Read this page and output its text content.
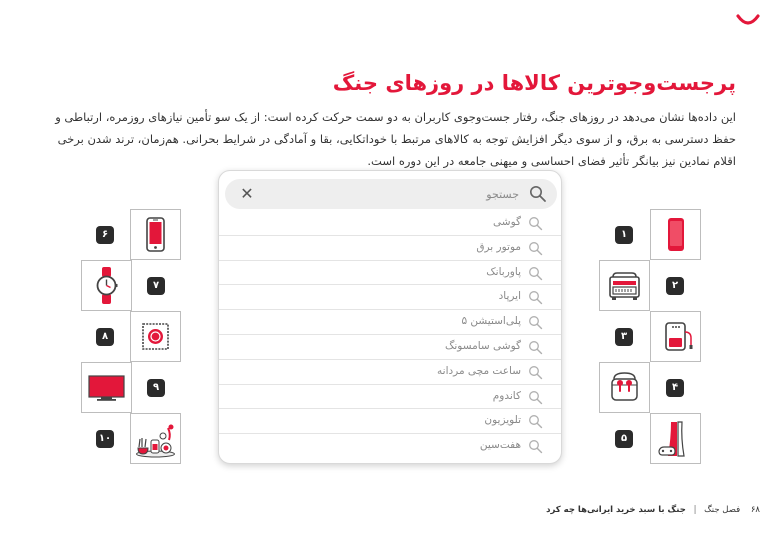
پرجست‌وجوترین کالاها در روزهای جنگ

این داده‌ها نشان می‌دهد در روزهای جنگ، رفتار جست‌وجوی کاربران به دو سمت حرکت کرده است: از یک سو تأمین نیازهای روزمره، ارتباطی و حفظ دسترسی به برق، و از سوی دیگر افزایش توجه به کالاهای مرتبط با خوداتکایی، بقا و آمادگی در شرایط بحرانی. هم‌زمان، ترند شدن برخی اقلام نمادین نیز بیانگر تأثیر فضای احساسی و میهنی جامعه در این دوره است.

جستجو
✕
گوشی
موتور برق
پاوربانک
ایرپاد
پلی‌استیشن ۵
گوشی سامسونگ
ساعت مچی مردانه
کاندوم
تلویزیون
هفت‌سین
۱
۲
۳
۴
۵
۶
۷
۸
۹
۱۰
۶۸ فصل جنگ | جنگ با سبد خرید ایرانی‌ها چه کرد
